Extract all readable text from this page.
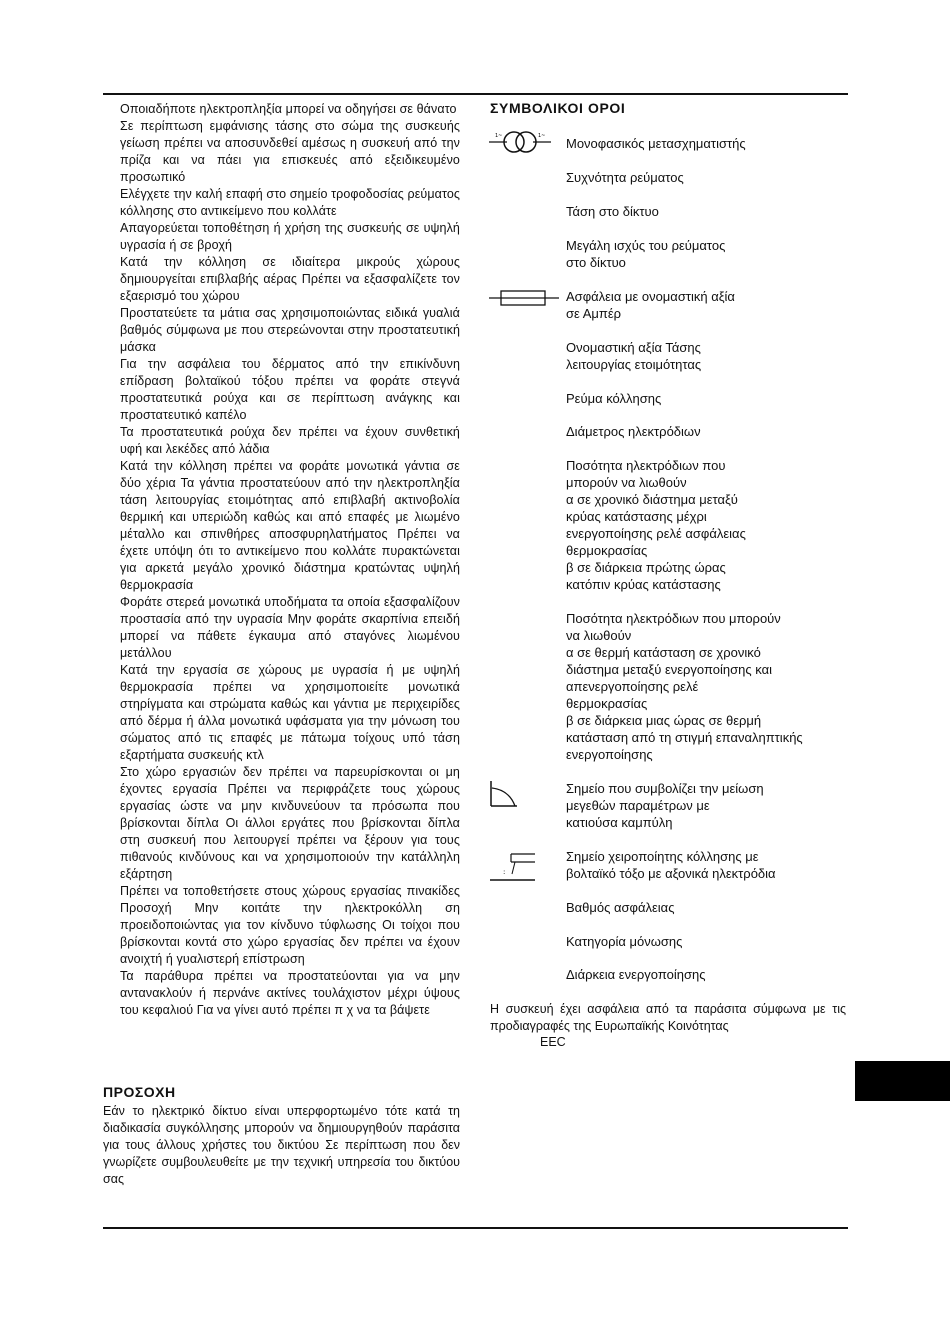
Οποιαδήποτε ηλεκτροπληξία μπορεί να οδηγήσει σε θάνατο
Σε περίπτωση εμφάνισης τάσης στο σώμα της συσκευής γείωση πρέπει να αποσυνδεθεί αμέσως η συσκευή από την πρίζα και να πάει για επισκευές από εξειδικευμένο προσωπικό
Ελέγχετε την καλή επαφή στο σημείο τροφοδοσίας ρεύματος κόλλησης στο αντικείμενο που κολλάτε
Απαγορεύεται τοποθέτηση ή χρήση της συσκευής σε υψηλή υγρασία ή σε βροχή
Κατά την κόλληση σε ιδιαίτερα μικρούς χώρους δημιουργείται επιβλαβής αέρας Πρέπει να εξασφαλίζετε τον εξαερισμό του χώρου
Προστατεύετε τα μάτια σας χρησιμοποιώντας ειδικά γυαλιά βαθμός σύμφωνα με που στερεώνονται στην προστατευτική μάσκα
Για την ασφάλεια του δέρματος από την επικίνδυνη επίδραση βολταϊκού τόξου πρέπει να φοράτε στεγνά προστατευτικά ρούχα και σε περίπτωση ανάγκης και προστατευτικό καπέλο
Τα προστατευτικά ρούχα δεν πρέπει να έχουν συνθετική υφή και λεκέδες από λάδια
Κατά την κόλληση πρέπει να φοράτε μονωτικά γάντια σε δύο χέρια Τα γάντια προστατεύουν από την ηλεκτροπληξία τάση λειτουργίας ετοιμότητας από επιβλαβή ακτινοβολία θερμική και υπεριώδη καθώς και από επαφές με λιωμένο μέταλλο και σπινθήρες αποσφυρηλατήματος Πρέπει να έχετε υπόψη ότι το αντικείμενο που κολλάτε πυρακτώνεται για αρκετά μεγάλο χρονικό διάστημα κρατώντας υψηλή θερμοκρασία
Φοράτε στερεά μονωτικά υποδήματα τα οποία εξασφαλίζουν προστασία από την υγρασία Μην φοράτε σκαρπίνια επειδή μπορεί να πάθετε έγκαυμα από σταγόνες λιωμένου μετάλλου
Κατά την εργασία σε χώρους με υγρασία ή με υψηλή θερμοκρασία πρέπει να χρησιμοποιείτε μονωτικά στηρίγματα και στρώματα καθώς και γάντια με περιχειρίδες από δέρμα ή άλλα μονωτικά υφάσματα για την μόνωση του σώματος από τις επαφές με πάτωμα τοίχους υπό τάση εξαρτήματα συσκευής κτλ
Στο χώρο εργασιών δεν πρέπει να παρευρίσκονται οι μη έχοντες εργασία Πρέπει να περιφράζετε τους χώρους εργασίας ώστε να μην κινδυνεύουν τα πρόσωπα που βρίσκονται δίπλα Οι άλλοι εργάτες που βρίσκονται δίπλα στη συσκευή που λειτουργεί πρέπει να ξέρουν για τους πιθανούς κινδύνους και να χρησιμοποιούν την κατάλληλη εξάρτηση
Πρέπει να τοποθετήσετε στους χώρους εργασίας πινακίδες Προσοχή Μην κοιτάτε την ηλεκτροκόλλη ση προειδοποιώντας για τον κίνδυνο τύφλωσης Οι τοίχοι που βρίσκονται κοντά στο χώρο εργασίας δεν πρέπει να έχουν ανοιχτή ή γυαλιστερή επίστρωση
Τα παράθυρα πρέπει να προστατεύονται για να μην αντανακλούν ή περνάνε ακτίνες τουλάχιστον μέχρι ύψους του κεφαλιού Για να γίνει αυτό πρέπει π χ να τα βάψετε
ΠΡΟΣΟΧΗ
Εάν το ηλεκτρικό δίκτυο είναι υπερφορτωμένο τότε κατά τη διαδικασία συγκόλλησης μπορούν να δημιουργηθούν παράσιτα για τους άλλους χρήστες του δικτύου Σε περίπτωση που δεν γνωρίζετε συμβουλευθείτε με την τεχνική υπηρεσία του δικτύου σας
ΣΥΜΒΟΛΙΚΟΙ ΟΡΟΙ
1~	1~
:
Μονοφασικός μετασχηματιστής
Συχνότητα ρεύματος
Τάση στο δίκτυο
Μεγάλη ισχύς του ρεύματος
στο δίκτυο
Ασφάλεια με ονομαστική αξία
σε Αμπέρ
Ονομαστική αξία Τάσης
λειτουργίας ετοιμότητας
Ρεύμα κόλλησης
Διάμετρος ηλεκτρόδιων
Ποσότητα ηλεκτρόδιων που
μπορούν να λιωθούν
α σε χρονικό διάστημα μεταξύ
κρύας κατάστασης μέχρι
ενεργοποίησης ρελέ ασφάλειας
θερμοκρασίας
β σε διάρκεια πρώτης ώρας
κατόπιν κρύας κατάστασης
Ποσότητα ηλεκτρόδιων που μπορούν
να λιωθούν
α σε θερμή κατάσταση σε χρονικό
διάστημα μεταξύ ενεργοποίησης και
απενεργοποίησης ρελέ
θερμοκρασίας
β σε διάρκεια μιας ώρας σε θερμή
κατάσταση από τη στιγμή επαναληπτικής
ενεργοποίησης
Σημείο που συμβολίζει την μείωση
μεγεθών παραμέτρων με
κατιούσα καμπύλη
Σημείο χειροποίητης κόλλησης με
βολταϊκό τόξο με αξονικά ηλεκτρόδια
Βαθμός ασφάλειας
Κατηγορία μόνωσης
Διάρκεια ενεργοποίησης
Η συσκευή έχει ασφάλεια από τα παράσιτα σύμφωνα με τις προδιαγραφές της Ευρωπαϊκής Κοινότητας
EEC
